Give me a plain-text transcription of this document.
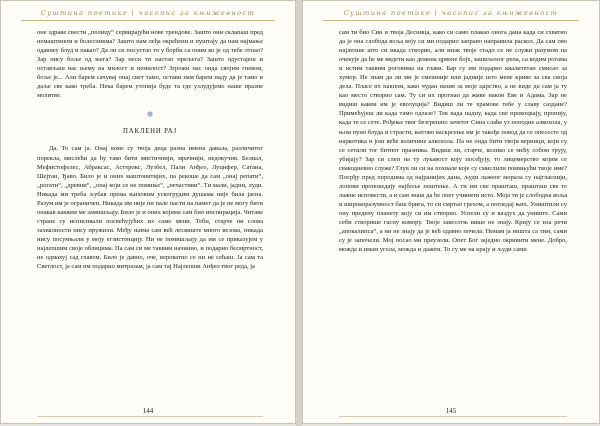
Суштина поетике | часопис за књижевност

оне здраве свести „полицу“ сервирајући нове трендове. Зашто они склапаш пред немаштином и болесникма? Зашто нам леђа окрећени и пуштају да нам најмање одавнеу блуд и пакао? Да ли си посустао то у борби са оним ко је од тебе отпао? Зар нису боље од њега? Зар неси ти настао прељега? Зашто одустајеш и остављаш нас њему на милост и немилост? Згрожи нас онда својим гневом, боље је... Али барем сачувај онај свет тамо, остави нам барем наду да је тамо и даље све како треба. Нека барем утопија буде та где узлудујемо наше празне молитве.

❋
ПАКЛЕНИ РАЈ

Да. То сам ја. Онај коме су твоја деца разна имена давала, различитог порекла, мислећи да ћу тако бити мистичнији, мрачнији, недокучив. Белиал, Мефистофелес, Абраксас, Астерокс, Лузбел, Пали Анђео, Луцифер, Сатана, Шејтан, Ђаво. Било је и оних маштовитијих, па рекоше да сам „онај репати“, „рогати“, „древни“, „онај који се не помиње“, „нечастиви“. Ти мали, јадни, луди. Никада ми треба љубав према њиховим ускогрудим душама није била јасна. Разум им је ограничен. Никада им није ни пале пасти на памет да је не могу бити онакав каквим ме замишљају. Било је и оних којима сам био инспирација. Читаве стране су исписивали посвећујућих их само мени. Теби, старче ни слова захвалности нису пружили. Међу њима сам већ лесвиште много везова, никада нису посумњали у моју егзистенцију. Ни не помишљају да им се приказујем у најлепшим своје облицима. Па сам си ме таквим начинио, и подарио бесмртност, не одмахуј сад главом. Било је давно, оче, вероватно се ни не сећаш. Ја сам та Светлост, ја сам им подарио митразам, ја сам тај Најлепши Анђео твог реда, ја

144
Суштина поетике | часопис за књижевност

сам ти био Син и твоја Десница, како си само плакао онога дана када си схватио да је она слобода воља коју си ми подарио заправо направила раскол. Да сам ово најлепше што си икада створио, али ипак твоје стадо се не служи разумом па очекује да ће ме видети као демона црвене боје, зашиљеног репа, са кодим рогама и истим таквим роговима на глави. Бар су им подарио квалитетан смисао за хумор. Не знам да ли ми је смешније или јадније што мене криве за сва своја дела. Пласе их пакпом, како чудан назив за моје царство, а не виде да сам ја ту као место створио сам. Ту си их прогнао да живе након Еве и Адама. Зар не видиш какви им је еволуција? Видиш ли те храмове тебе у славу саздане? Примећујеш ли када тамо одлазе? Тек када падну, када све прокоцкају, пропију, када те се сете. Рођење твог безгрешно зачетог Сина слаће уз поподне алкохола, у њом пуно блуда и страсти, његово васкрсење им је такође повод да се опесесте од наркотика и још веће количине алкохола. Па не онда бити твоји верници, који су се сетили тог битног празника. Видиш ли, старче, колико се мећу собом трују, убијају? Зар си слеп на ту лукавост коју посеђују, то лицемерство којим се свакодневно служе? Глув ли си на похвале које су смислили помињући твоје име? Посрђу пред породима од најранијих дана, људи лажног морала су најгласнији, лопови проповедају најбоље поштење. А ти им све прашташ, прашташ све те лажне исповести, а и сам знаш да ће опет учинити исто. Моја ти је слободна воља и широкоразумност баш брига, то си смртао грехом, а погледај њих. Уништили су ону предену планету коју си им створио. Успели су и ваздух да униште. Сами себи створише гасну комору. Твоје завесотњ више не знају. Крију се иза речи „апокалипса“, а ни не знају да је већ одавно почела. Немам ја ништа са тим, сами су је започели. Мој посао ми преузели. Опет Бог заједно окривити мене. Добро, можда и имам угола, можда и дажем. То су ме на крају и људи сами

145
